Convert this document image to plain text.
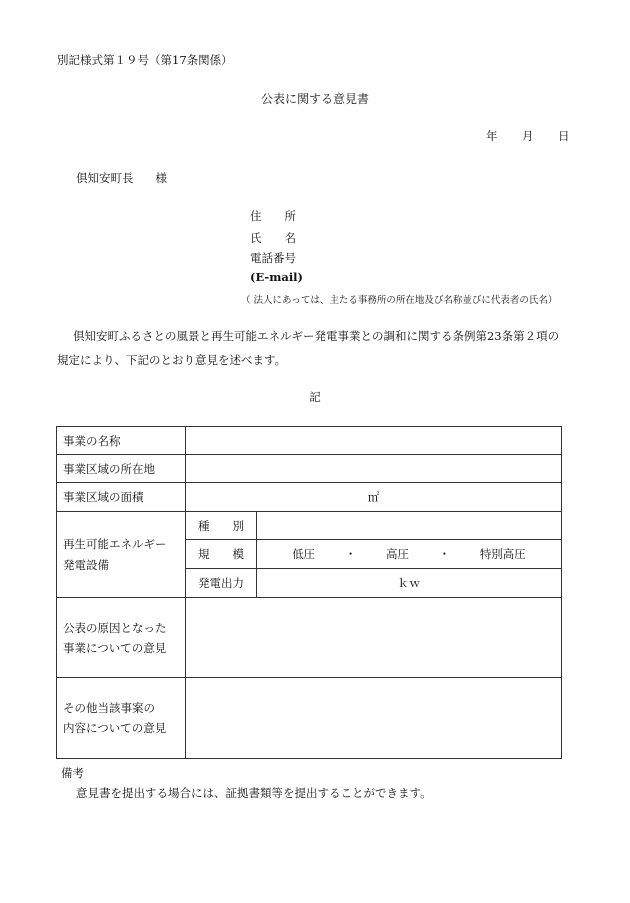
別記様式第１９号（第17条関係）
公表に関する意見書
年 月 日
倶知安町長 様
住　　所
氏　　名
電話番号
(E-mail)
（ 法人にあっては、主たる事務所の所在地及び名称並びに代表者の氏名）
倶知安町ふるさとの風景と再生可能エネルギー発電事業との調和に関する条例第23条第２項の規定により、下記のとおり意見を述べます。
記
事業の名称		
事業区域の所在地		
事業区域の面積	㎡	

再生可能エネルギー
発電設備	種　　別	
	規　　模	低圧 ・ 高圧 ・ 特別高圧
	発電出力	ｋｗ

公表の原因となった
事業についての意見		

その他当該事案の
内容についての意見		

備考
意見書を提出する場合には、証拠書類等を提出することができます。
